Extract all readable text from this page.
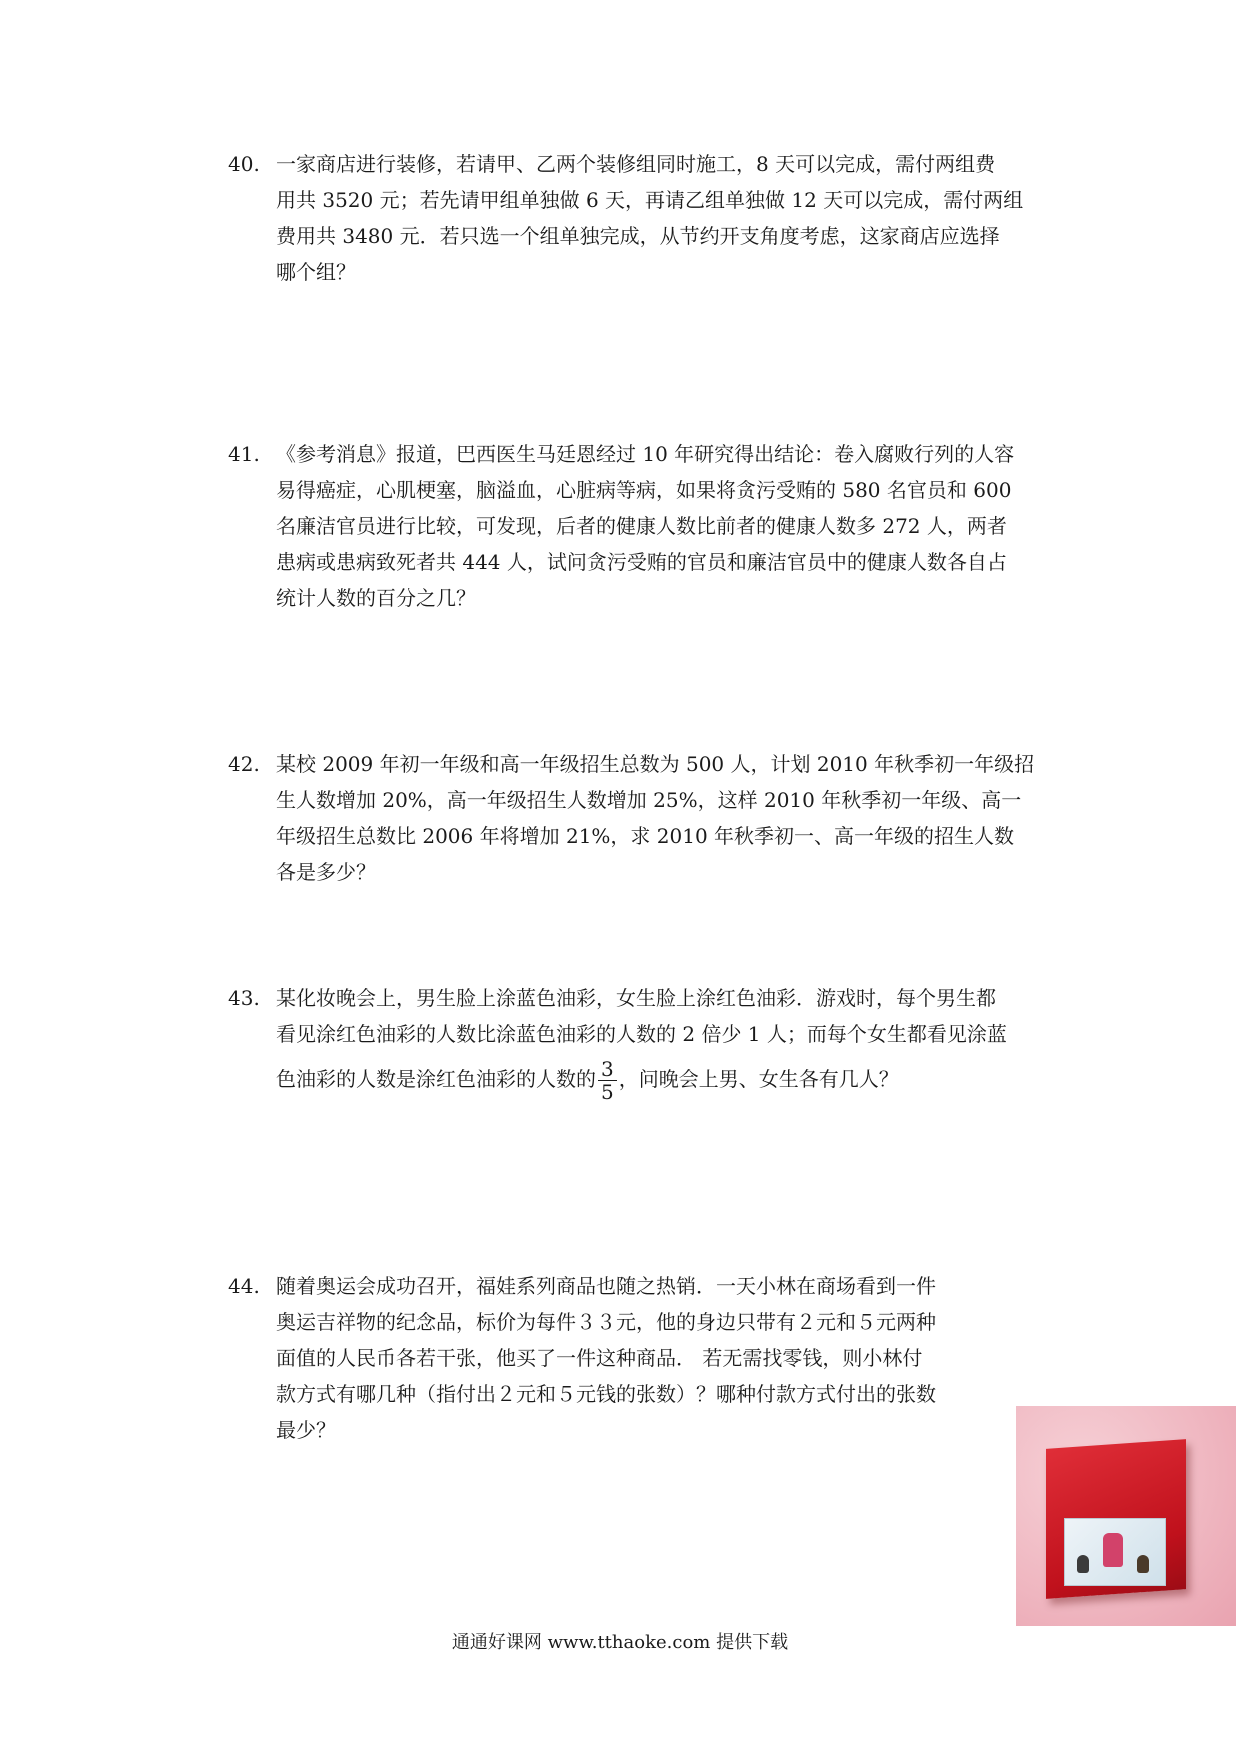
40. 一家商店进行装修，若请甲、乙两个装修组同时施工，8 天可以完成，需付两组费
用共 3520 元；若先请甲组单独做 6 天，再请乙组单独做 12 天可以完成，需付两组
费用共 3480 元．若只选一个组单独完成，从节约开支角度考虑，这家商店应选择
哪个组？
41. 《参考消息》报道，巴西医生马廷恩经过 10 年研究得出结论：卷入腐败行列的人容
易得癌症，心肌梗塞，脑溢血，心脏病等病，如果将贪污受贿的 580 名官员和 600
名廉洁官员进行比较，可发现，后者的健康人数比前者的健康人数多 272 人，两者
患病或患病致死者共 444 人，试问贪污受贿的官员和廉洁官员中的健康人数各自占
统计人数的百分之几？
42. 某校 2009 年初一年级和高一年级招生总数为 500 人，计划 2010 年秋季初一年级招
生人数增加 20%，高一年级招生人数增加 25%，这样 2010 年秋季初一年级、高一
年级招生总数比 2006 年将增加 21%，求 2010 年秋季初一、高一年级的招生人数
各是多少？
43. 某化妆晚会上，男生脸上涂蓝色油彩，女生脸上涂红色油彩．游戏时，每个男生都
看见涂红色油彩的人数比涂蓝色油彩的人数的 2 倍少 1 人；而每个女生都看见涂蓝
色油彩的人数是涂红色油彩的人数的 $\frac{3}{5}$ ，问晚会上男、女生各有几人？
44. 随着奥运会成功召开，福娃系列商品也随之热销．一天小林在商场看到一件
奥运吉祥物的纪念品，标价为每件３３元，他的身边只带有２元和５元两种
面值的人民币各若干张，他买了一件这种商品． 若无需找零钱，则小林付
款方式有哪几种（指付出２元和５元钱的张数）？哪种付款方式付出的张数
最少？
通通好课网 www.tthaoke.com 提供下载
